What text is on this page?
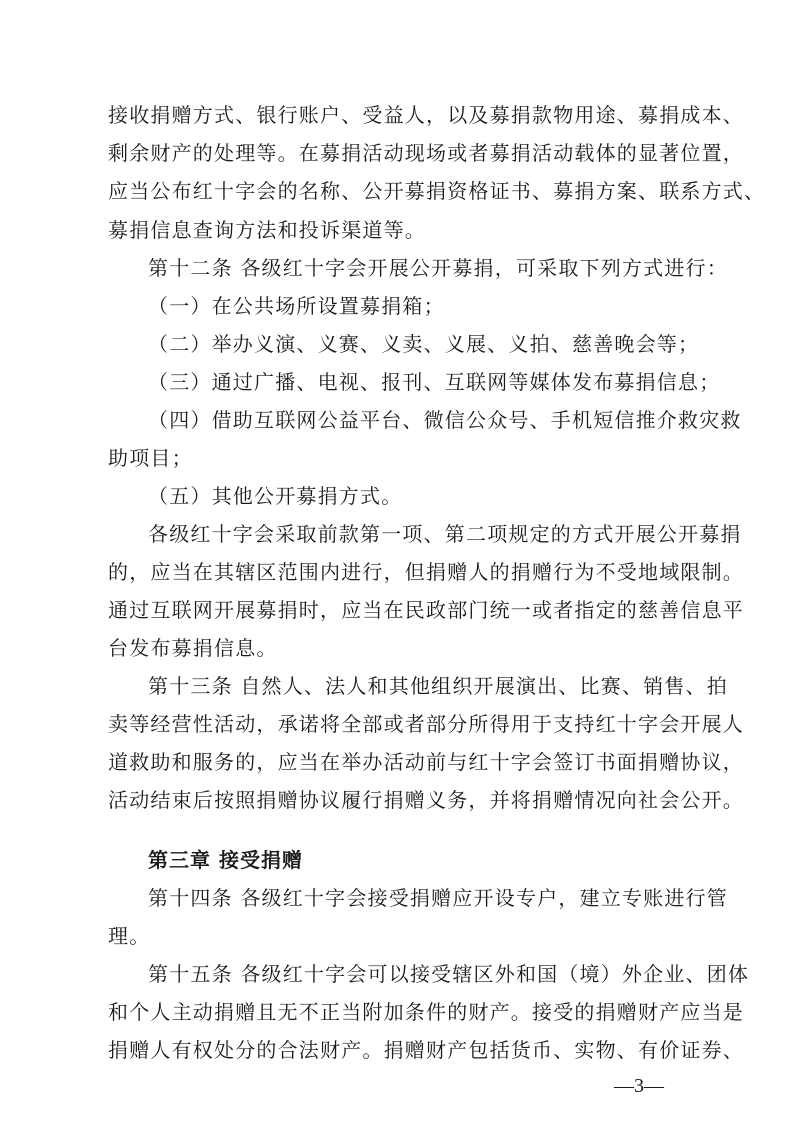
接收捐赠方式、银行账户、受益人，以及募捐款物用途、募捐成本、
剩余财产的处理等。在募捐活动现场或者募捐活动载体的显著位置，
应当公布红十字会的名称、公开募捐资格证书、募捐方案、联系方式、
募捐信息查询方法和投诉渠道等。
第十二条 各级红十字会开展公开募捐，可采取下列方式进行：
（一）在公共场所设置募捐箱；
（二）举办义演、义赛、义卖、义展、义拍、慈善晚会等；
（三）通过广播、电视、报刊、互联网等媒体发布募捐信息；
（四）借助互联网公益平台、微信公众号、手机短信推介救灾救
助项目；
（五）其他公开募捐方式。
各级红十字会采取前款第一项、第二项规定的方式开展公开募捐
的，应当在其辖区范围内进行，但捐赠人的捐赠行为不受地域限制。
通过互联网开展募捐时，应当在民政部门统一或者指定的慈善信息平
台发布募捐信息。
第十三条 自然人、法人和其他组织开展演出、比赛、销售、拍
卖等经营性活动，承诺将全部或者部分所得用于支持红十字会开展人
道救助和服务的，应当在举办活动前与红十字会签订书面捐赠协议，
活动结束后按照捐赠协议履行捐赠义务，并将捐赠情况向社会公开。
第三章 接受捐赠
第十四条 各级红十字会接受捐赠应开设专户，建立专账进行管
理。
第十五条 各级红十字会可以接受辖区外和国（境）外企业、团体
和个人主动捐赠且无不正当附加条件的财产。接受的捐赠财产应当是
捐赠人有权处分的合法财产。捐赠财产包括货币、实物、有价证券、
—3—
